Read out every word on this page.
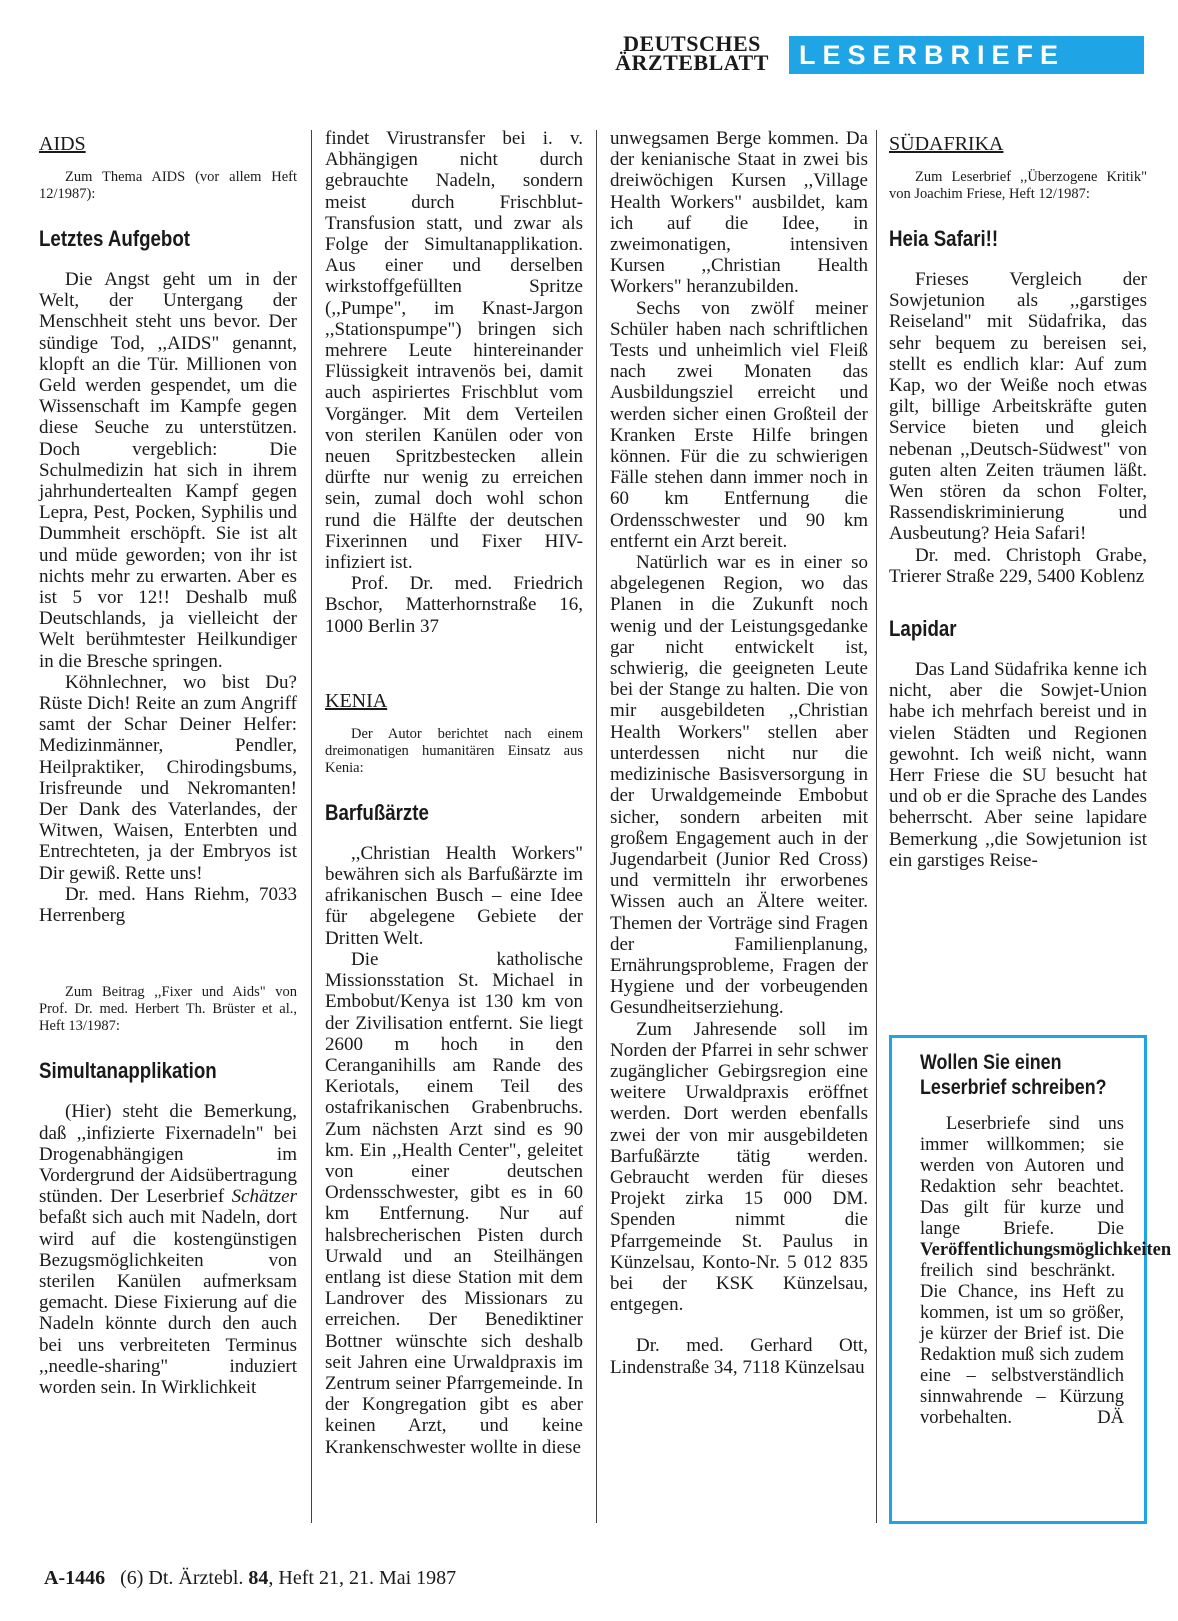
DEUTSCHES
ÄRZTEBLATT	LESERBRIEFE
AIDS
Zum Thema AIDS (vor allem Heft 12/1987):
Letztes Aufgebot

Die Angst geht um in der Welt, der Untergang der Menschheit steht uns bevor. Der sündige Tod, ,,AIDS" genannt, klopft an die Tür. Millionen von Geld werden gespendet, um die Wissenschaft im Kampfe gegen diese Seuche zu unterstützen. Doch vergeblich: Die Schulmedizin hat sich in ihrem jahrhundertealten Kampf gegen Lepra, Pest, Pocken, Syphilis und Dummheit erschöpft. Sie ist alt und müde geworden; von ihr ist nichts mehr zu erwarten. Aber es ist 5 vor 12!! Deshalb muß Deutschlands, ja vielleicht der Welt berühmtester Heilkundiger in die Bresche springen.

Köhnlechner, wo bist Du? Rüste Dich! Reite an zum Angriff samt der Schar Deiner Helfer: Medizinmänner, Pendler, Heilpraktiker, Chirodingsbums, Irisfreunde und Nekromanten! Der Dank des Vaterlandes, der Witwen, Waisen, Enterbten und Entrechteten, ja der Embryos ist Dir gewiß. Rette uns!

Dr. med. Hans Riehm, 7033 Herrenberg

Zum Beitrag ,,Fixer und Aids" von Prof. Dr. med. Herbert Th. Brüster et al., Heft 13/1987:
Simultanapplikation

(Hier) steht die Bemerkung, daß ,,infizierte Fixernadeln" bei Drogenabhängigen im Vordergrund der Aidsübertragung stünden. Der Leserbrief Schätzer befaßt sich auch mit Nadeln, dort wird auf die kostengünstigen Bezugsmöglichkeiten von sterilen Kanülen aufmerksam gemacht. Diese Fixierung auf die Nadeln könnte durch den auch bei uns verbreiteten Terminus ,,needle-sharing" induziert worden sein. In Wirklichkeit

findet Virustransfer bei i. v. Abhängigen nicht durch gebrauchte Nadeln, sondern meist durch Frischblut-Transfusion statt, und zwar als Folge der Simultanapplikation. Aus einer und derselben wirkstoffgefüllten Spritze (,,Pumpe", im Knast-Jargon ,,Stationspumpe") bringen sich mehrere Leute hintereinander Flüssigkeit intravenös bei, damit auch aspiriertes Frischblut vom Vorgänger. Mit dem Verteilen von sterilen Kanülen oder von neuen Spritzbestecken allein dürfte nur wenig zu erreichen sein, zumal doch wohl schon rund die Hälfte der deutschen Fixerinnen und Fixer HIV-infiziert ist.

Prof. Dr. med. Friedrich Bschor, Matterhornstraße 16, 1000 Berlin 37

KENIA
Der Autor berichtet nach einem dreimonatigen humanitären Einsatz aus Kenia:
Barfußärzte

,,Christian Health Workers" bewähren sich als Barfußärzte im afrikanischen Busch – eine Idee für abgelegene Gebiete der Dritten Welt.

Die katholische Missionsstation St. Michael in Embobut/Kenya ist 130 km von der Zivilisation entfernt. Sie liegt 2600 m hoch in den Ceranganihills am Rande des Keriotals, einem Teil des ostafrikanischen Grabenbruchs. Zum nächsten Arzt sind es 90 km. Ein ,,Health Center", geleitet von einer deutschen Ordensschwester, gibt es in 60 km Entfernung. Nur auf halsbrecherischen Pisten durch Urwald und an Steilhängen entlang ist diese Station mit dem Landrover des Missionars zu erreichen. Der Benediktiner Bottner wünschte sich deshalb seit Jahren eine Urwaldpraxis im Zentrum seiner Pfarrgemeinde. In der Kongregation gibt es aber keinen Arzt, und keine Krankenschwester wollte in diese

unwegsamen Berge kommen. Da der kenianische Staat in zwei bis dreiwöchigen Kursen ,,Village Health Workers" ausbildet, kam ich auf die Idee, in zweimonatigen, intensiven Kursen ,,Christian Health Workers" heranzubilden.

Sechs von zwölf meiner Schüler haben nach schriftlichen Tests und unheimlich viel Fleiß nach zwei Monaten das Ausbildungsziel erreicht und werden sicher einen Großteil der Kranken Erste Hilfe bringen können. Für die zu schwierigen Fälle stehen dann immer noch in 60 km Entfernung die Ordensschwester und 90 km entfernt ein Arzt bereit.

Natürlich war es in einer so abgelegenen Region, wo das Planen in die Zukunft noch wenig und der Leistungsgedanke gar nicht entwickelt ist, schwierig, die geeigneten Leute bei der Stange zu halten. Die von mir ausgebildeten ,,Christian Health Workers" stellen aber unterdessen nicht nur die medizinische Basisversorgung in der Urwaldgemeinde Embobut sicher, sondern arbeiten mit großem Engagement auch in der Jugendarbeit (Junior Red Cross) und vermitteln ihr erworbenes Wissen auch an Ältere weiter. Themen der Vorträge sind Fragen der Familienplanung, Ernährungsprobleme, Fragen der Hygiene und der vorbeugenden Gesundheitserziehung.

Zum Jahresende soll im Norden der Pfarrei in sehr schwer zugänglicher Gebirgsregion eine weitere Urwaldpraxis eröffnet werden. Dort werden ebenfalls zwei der von mir ausgebildeten Barfußärzte tätig werden. Gebraucht werden für dieses Projekt zirka 15 000 DM. Spenden nimmt die Pfarrgemeinde St. Paulus in Künzelsau, Konto-Nr. 5 012 835 bei der KSK Künzelsau, entgegen.

Dr. med. Gerhard Ott, Lindenstraße 34, 7118 Künzelsau

SÜDAFRIKA
Zum Leserbrief ,,Überzogene Kritik" von Joachim Friese, Heft 12/1987:
Heia Safari!!

Frieses Vergleich der Sowjetunion als ,,garstiges Reiseland" mit Südafrika, das sehr bequem zu bereisen sei, stellt es endlich klar: Auf zum Kap, wo der Weiße noch etwas gilt, billige Arbeitskräfte guten Service bieten und gleich nebenan ,,Deutsch-Südwest" von guten alten Zeiten träumen läßt. Wen stören da schon Folter, Rassendiskriminierung und Ausbeutung? Heia Safari!

Dr. med. Christoph Grabe, Trierer Straße 229, 5400 Koblenz

Lapidar

Das Land Südafrika kenne ich nicht, aber die Sowjet-Union habe ich mehrfach bereist und in vielen Städten und Regionen gewohnt. Ich weiß nicht, wann Herr Friese die SU besucht hat und ob er die Sprache des Landes beherrscht. Aber seine lapidare Bemerkung ,,die Sowjetunion ist ein garstiges Reise-

Wollen Sie einen
Leserbrief schreiben?

Leserbriefe sind uns immer willkommen; sie werden von Autoren und Redaktion sehr beachtet. Das gilt für kurze und lange Briefe. Die Veröffentlichungsmöglichkeiten freilich sind beschränkt. Die Chance, ins Heft zu kommen, ist um so größer, je kürzer der Brief ist. Die Redaktion muß sich zudem eine – selbstverständlich sinnwahrende – Kürzung vorbehalten.	DÄ

A-1446 (6) Dt. Ärztebl. 84, Heft 21, 21. Mai 1987
